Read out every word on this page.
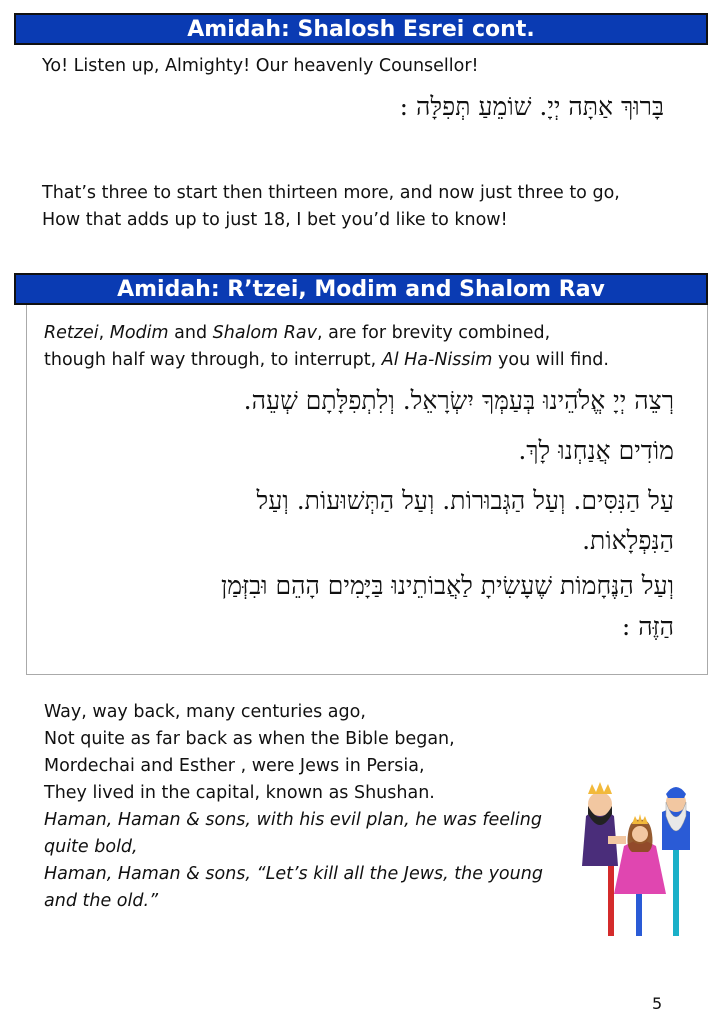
Amidah: Shalosh Esrei cont.
Yo! Listen up, Almighty! Our heavenly Counsellor!
בָּרוּךְ אַתָּה יְיָ. שׁוֹמֵעַ תְּפִלָּה :
That’s three to start then thirteen more, and now just three to go,
How that adds up to just 18, I bet you’d like to know!
Amidah: R’tzei, Modim and Shalom Rav
Retzei, Modim and Shalom Rav, are for brevity combined,
though half way through, to interrupt, Al Ha-Nissim you will find.
רְצֵה יְיָ אֱלֹהֵינוּ בְּעַמְּךָ יִשְׂרָאֵל. וְלִתְפִלָּתָם שְׁעֵה.
מוֹדִים אֲנַחְנוּ לָךְ.
עַל הַנִּסִּים. וְעַל הַגְּבוּרוֹת. וְעַל הַתְּשׁוּעוֹת. וְעַל
הַנִּפְלָאוֹת.
וְעַל הַנֶּחָמוֹת שֶׁעָשִׂיתָ לַאֲבוֹתֵינוּ בַּיָּמִים הָהֵם וּבִזְּמַן
הַזֶּה :
Way, way back, many centuries ago,
Not quite as far back as when the Bible began,
Mordechai and Esther , were Jews in Persia,
They lived in the capital, known as Shushan.
Haman, Haman & sons, with his evil plan, he was feeling quite bold,
Haman, Haman & sons, “Let’s kill all the Jews, the young and the old.”
5
